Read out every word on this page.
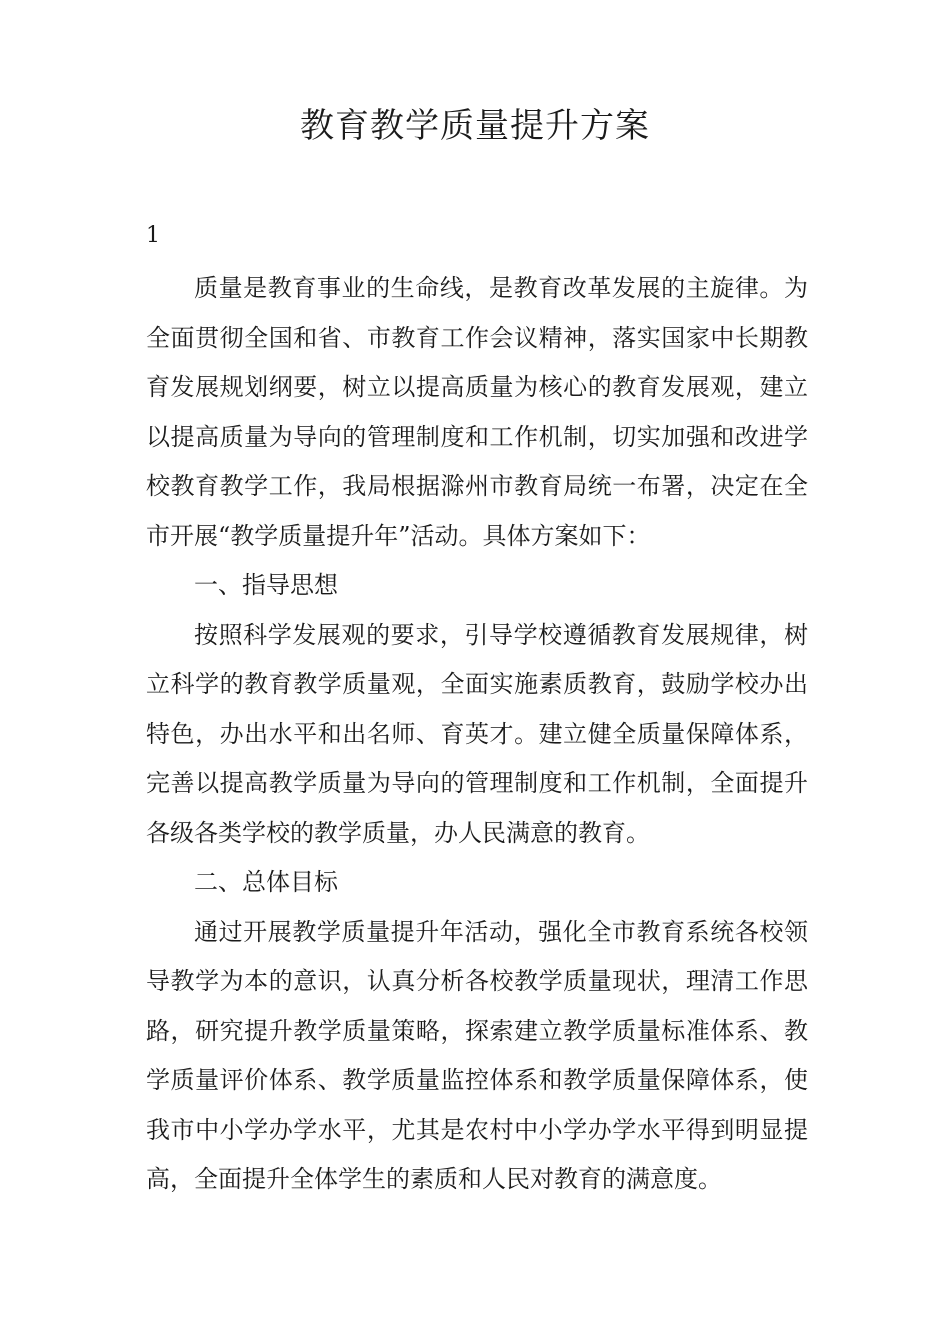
教育教学质量提升方案
1

质量是教育事业的生命线，是教育改革发展的主旋律。为全面贯彻全国和省、市教育工作会议精神，落实国家中长期教育发展规划纲要，树立以提高质量为核心的教育发展观，建立以提高质量为导向的管理制度和工作机制，切实加强和改进学校教育教学工作，我局根据滁州市教育局统一布署，决定在全市开展“教学质量提升年”活动。具体方案如下：

一、指导思想

按照科学发展观的要求，引导学校遵循教育发展规律，树立科学的教育教学质量观，全面实施素质教育，鼓励学校办出特色，办出水平和出名师、育英才。建立健全质量保障体系，完善以提高教学质量为导向的管理制度和工作机制，全面提升各级各类学校的教学质量，办人民满意的教育。

二、总体目标

通过开展教学质量提升年活动，强化全市教育系统各校领导教学为本的意识，认真分析各校教学质量现状，理清工作思路，研究提升教学质量策略，探索建立教学质量标准体系、教学质量评价体系、教学质量监控体系和教学质量保障体系，使我市中小学办学水平，尤其是农村中小学办学水平得到明显提高，全面提升全体学生的素质和人民对教育的满意度。
